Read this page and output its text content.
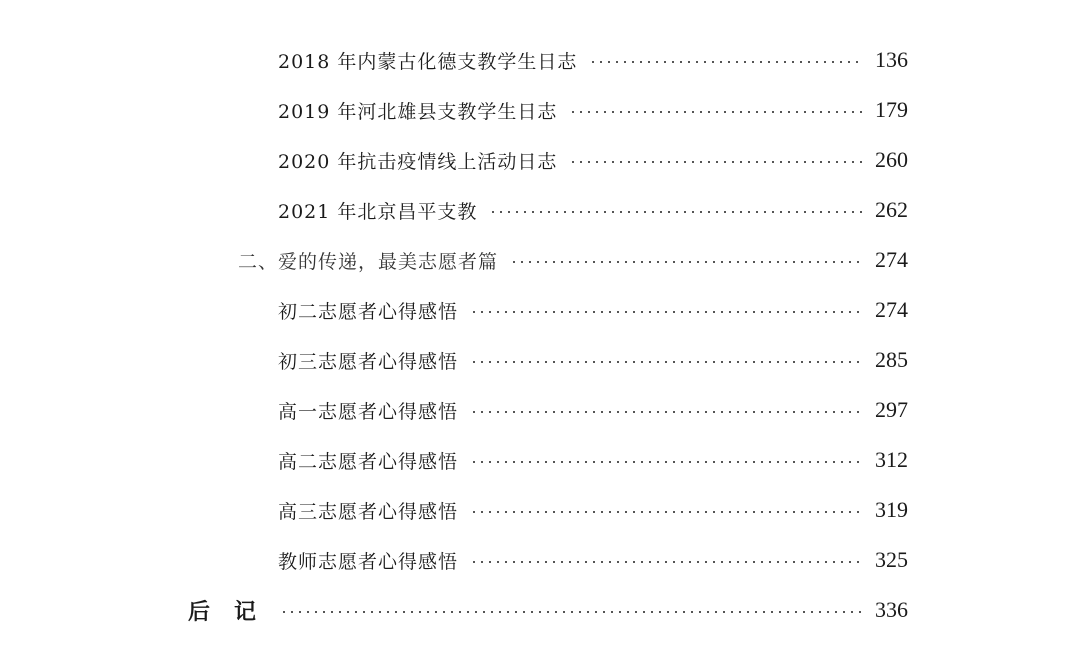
2018 年内蒙古化德支教学生日志	136
2019 年河北雄县支教学生日志	179
2020 年抗击疫情线上活动日志	260
2021 年北京昌平支教	262
二、爱的传递，最美志愿者篇	274
初二志愿者心得感悟	274
初三志愿者心得感悟	285
高一志愿者心得感悟	297
高二志愿者心得感悟	312
高三志愿者心得感悟	319
教师志愿者心得感悟	325
后记	336
